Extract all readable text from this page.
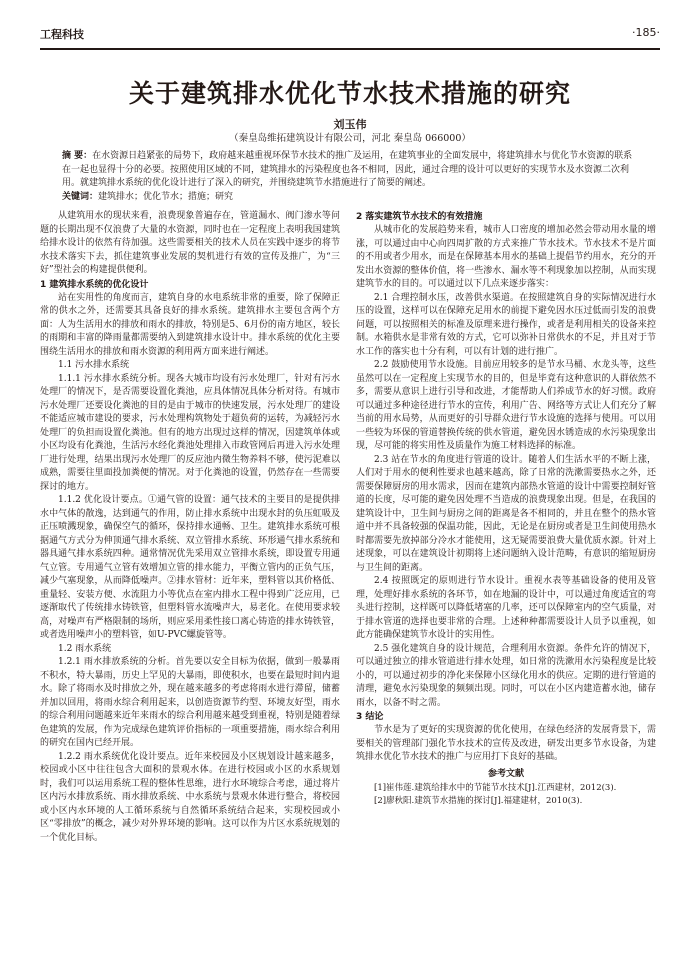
工程科技	·185·
关于建筑排水优化节水技术措施的研究
刘玉伟
（秦皇岛维拓建筑设计有限公司，河北 秦皇岛 066000）
摘 要：在水资源日趋紧张的局势下，政府越来越重视环保节水技术的推广及运用，在建筑事业的全面发展中，将建筑排水与优化节水资源的联系在一起也显得十分的必要。按照使用区域的不同，建筑排水的污染程度也各不相同，因此，通过合理的设计可以更好的实现节水及水资源二次利用。就建筑排水系统的优化设计进行了深入的研究，并围绕建筑节水措施进行了简要的阐述。
关键词：建筑排水；优化节水；措施；研究

从建筑用水的现状来看，浪费现象普遍存在，管道漏水、阀门渗水等问题的长期出现不仅浪费了大量的水资源，同时也在一定程度上表明我国建筑给排水设计的依然有待加强。这些需要相关的技术人员在实践中逐步的将节水技术落实下去，抓住建筑事业发展的契机进行有效的宣传及推广，为“三好”型社会的构建提供便利。

1 建筑排水系统的优化设计

站在实用性的角度而言，建筑自身的水电系统非常的重要，除了保障正常的供水之外，还需要其具备良好的排水系统。建筑排水主要包含两个方面：人为生活用水的排放和雨水的排放，特别是5、6月份的南方地区，较长的雨期和丰富的降雨量都需要纳入到建筑排水设计中。排水系统的优化主要围绕生活用水的排放和雨水资源的利用两方面来进行阐述。

1.1 污水排水系统

1.1.1 污水排水系统分析。现各大城市均设有污水处理厂，针对有污水处理厂的情况下，是否需要设置化粪池，应具体情况具体分析对待。有城市污水处理厂还要设化粪池的目的是由于城市的快速发展，污水处理厂的建设不能适应城市建设的要求，污水处理构筑物处于超负荷的运转，为减轻污水处理厂的负担而设置化粪池。但有的地方出现过这样的情况，因建筑单体或小区均设有化粪池，生活污水经化粪池处理排入市政管网后再进入污水处理厂进行处理，结果出现污水处理厂的反应池内微生物养料不够，使污泥难以成熟，需要往里面投加粪便的情况。对于化粪池的设置，仍然存在一些需要探讨的地方。

1.1.2 优化设计要点。①通气管的设置：通气技术的主要目的是提供排水中气体的散逸，达到通气的作用，防止排水系统中出现水封的负压虹吸及正压喷溅现象，确保空气的循环，保持排水通畅、卫生。建筑排水系统可根据通气方式分为伸顶通气排水系统、双立管排水系统、环形通气排水系统和器具通气排水系统四种。通常情况优先采用双立管排水系统，即设置专用通气立管。专用通气立管有效增加立管的排水能力，平衡立管内的正负气压，减少气塞现象，从而降低噪声。②排水管材：近年来，塑料管以其价格低、重量轻、安装方便、水流阻力小等优点在室内排水工程中得到广泛应用，已逐渐取代了传统排水铸铁管，但塑料管水流噪声大，易老化。在使用要求较高，对噪声有严格限制的场所，则应采用柔性接口离心铸造的排水铸铁管，或者选用噪声小的塑料管，如U-PVC螺旋管等。

1.2 雨水系统

1.2.1 雨水排放系统的分析。首先要以安全目标为依据，做到一般暴雨不积水，特大暴雨，历史上罕见的大暴雨，即使积水，也要在最短时间内退水。除了将雨水及时排放之外，现在越来越多的考虑将雨水进行滞留，储蓄并加以回用，将雨水综合利用起来，以创造资源节约型、环境友好型，雨水的综合利用问题越来近年来雨水的综合利用越来越受到重视，特别是随着绿色建筑的发展，作为完成绿色建筑评价指标的一项重要措施，雨水综合利用的研究在国内已经开展。

1.2.2 雨水系统优化设计要点。近年来校园及小区规划设计越来越多，校园或小区中往往包含大面积的景观水体。在进行校园或小区的水系规划时，我们可以运用系统工程的整体性思维，进行水环境综合考虑，通过将片区内污水排放系统、雨水排放系统、中水系统与景观水体进行整合，将校园或小区内水环境的人工循环系统与自然循环系统结合起来，实现校园或小区“零排放”的概念，减少对外界环境的影响。这可以作为片区水系统规划的一个优化目标。

2 落实建筑节水技术的有效措施

从城市化的发展趋势来看，城市人口密度的增加必然会带动用水量的增涨，可以通过由中心向四周扩散的方式来推广节水技术。节水技术不是片面的不用或者少用水，而是在保障基本用水的基础上提倡节约用水，充分的开发出水资源的整体价值，将一些渗水、漏水等不利现象加以控制，从而实现建筑节水的目的。可以通过以下几点来逐步落实：

2.1 合理控制水压，改善供水渠道。在按照建筑自身的实际情况进行水压的设置，这样可以在保障充足用水的前提下避免因水压过低而引发的浪费问题，可以按照相关的标准及原理来进行操作，或者是利用相关的设备来控制。水箱供水是非常有效的方式，它可以弥补日常供水的不足，并且对于节水工作的落实也十分有利，可以有计划的进行推广。

2.2 鼓励使用节水设施。目前应用较多的是节水马桶、水龙头等，这些虽然可以在一定程度上实现节水的目的，但是毕竟有这种意识的人群依然不多，需要从意识上进行引导和改进，才能帮助人们养成节水的好习惯。政府可以通过多种途径进行节水的宣传，利用广告、网络等方式让人们充分了解当前的用水局势，从而更好的引导群众进行节水设施的选择与使用。可以用一些较为环保的管道替换传统的供水管道，避免因水锈造成的水污染现象出现，尽可能的将实用性及质量作为施工材料选择的标准。

2.3 站在节水的角度进行管道的设计。随着人们生活水平的不断上涨，人们对于用水的便利性要求也越来越高，除了日常的洗漱需要热水之外，还需要保障厨房的用水需求，因而在建筑内部热水管道的设计中需要控制好管道的长度，尽可能的避免因处理不当造成的浪费现象出现。但是，在我国的建筑设计中，卫生间与厨房之间的距离是各不相同的，并且在整个的热水管道中并不具备较强的保温功能，因此，无论是在厨房或者是卫生间使用热水时都需要先放掉部分冷水才能使用，这无疑需要浪费大量优质水源。针对上述现象，可以在建筑设计初期将上述问题纳入设计范畴，有意识的缩短厨房与卫生间的距离。

2.4 按照既定的原则进行节水设计。重视水表等基础设备的使用及管理，处理好排水系统的各环节，如在地漏的设计中，可以通过角度适宜的弯头进行控制，这样既可以降低堵塞的几率，还可以保障室内的空气质量，对于排水管道的选择也要非常的合理。上述种种都需要设计人员予以重视，如此方能确保建筑节水设计的实用性。

2.5 强化建筑自身的设计规范，合理利用水资源。条件允许的情况下，可以通过独立的排水管道进行排水处理，如日常的洗漱用水污染程度是比较小的，可以通过初步的净化来保障小区绿化用水的供应。定期的进行管道的清理，避免水污染现象的频频出现。同时，可以在小区内建造蓄水池，储存雨水，以备不时之需。

3 结论

节水是为了更好的实现资源的优化使用，在绿色经济的发展背景下，需要相关的管理部门强化节水技术的宣传及改进，研发出更多节水设备，为建筑排水优化节水技术的推广与应用打下良好的基础。

参考文献

[1]崔伟莲.建筑给排水中的节能节水技术[J].江西建材，2012(3).

[2]廖秋阳.建筑节水措施的探讨[J].福建建材，2010(3).
